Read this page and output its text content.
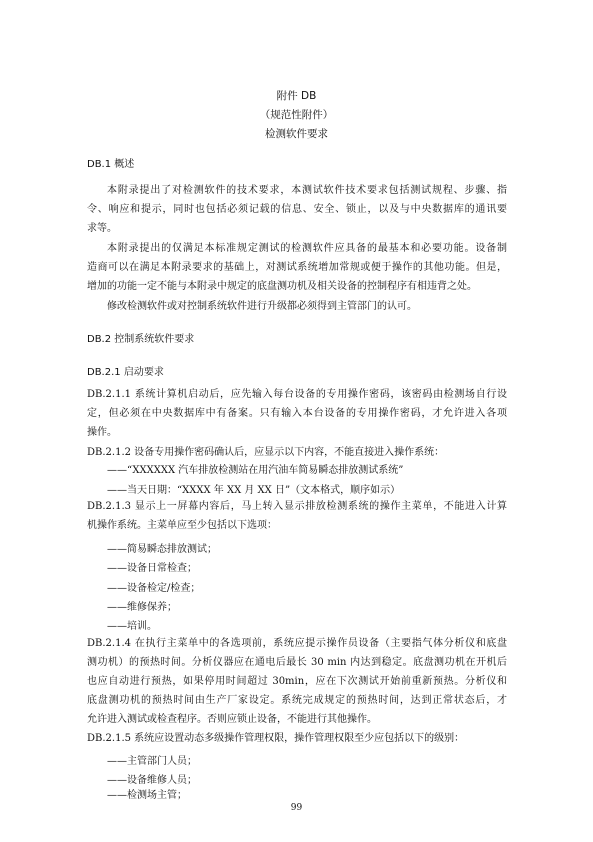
附件 DB
（规范性附件）
检测软件要求
DB.1 概述
本附录提出了对检测软件的技术要求，本测试软件技术要求包括测试规程、步骤、指
令、响应和提示，同时也包括必须记载的信息、安全、锁止，以及与中央数据库的通讯要
求等。
本附录提出的仅满足本标准规定测试的检测软件应具备的最基本和必要功能。设备制
造商可以在满足本附录要求的基础上，对测试系统增加常规或便于操作的其他功能。但是，
增加的功能一定不能与本附录中规定的底盘测功机及相关设备的控制程序有相违背之处。
修改检测软件或对控制系统软件进行升级都必须得到主管部门的认可。
DB.2 控制系统软件要求
DB.2.1 启动要求
DB.2.1.1 系统计算机启动后，应先输入每台设备的专用操作密码，该密码由检测场自行设
定，但必须在中央数据库中有备案。只有输入本台设备的专用操作密码，才允许进入各项
操作。
DB.2.1.2 设备专用操作密码确认后，应显示以下内容，不能直接进入操作系统：
——“XXXXXX 汽车排放检测站在用汽油车简易瞬态排放测试系统”
——当天日期：“XXXX 年 XX 月 XX 日”（文本格式，顺序如示）
DB.2.1.3 显示上一屏幕内容后，马上转入显示排放检测系统的操作主菜单，不能进入计算
机操作系统。主菜单应至少包括以下选项：
——简易瞬态排放测试；
——设备日常检查；
——设备检定/检查；
——维修保养；
——培训。
DB.2.1.4 在执行主菜单中的各选项前，系统应提示操作员设备（主要指气体分析仪和底盘
测功机）的预热时间。分析仪器应在通电后最长 30 min 内达到稳定。底盘测功机在开机后
也应自动进行预热，如果停用时间超过 30min，应在下次测试开始前重新预热。分析仪和
底盘测功机的预热时间由生产厂家设定。系统完成规定的预热时间，达到正常状态后，才
允许进入测试或检查程序。否则应锁止设备，不能进行其他操作。
DB.2.1.5 系统应设置动态多级操作管理权限，操作管理权限至少应包括以下的级别：
——主管部门人员；
——设备维修人员；
——检测场主管；
99
